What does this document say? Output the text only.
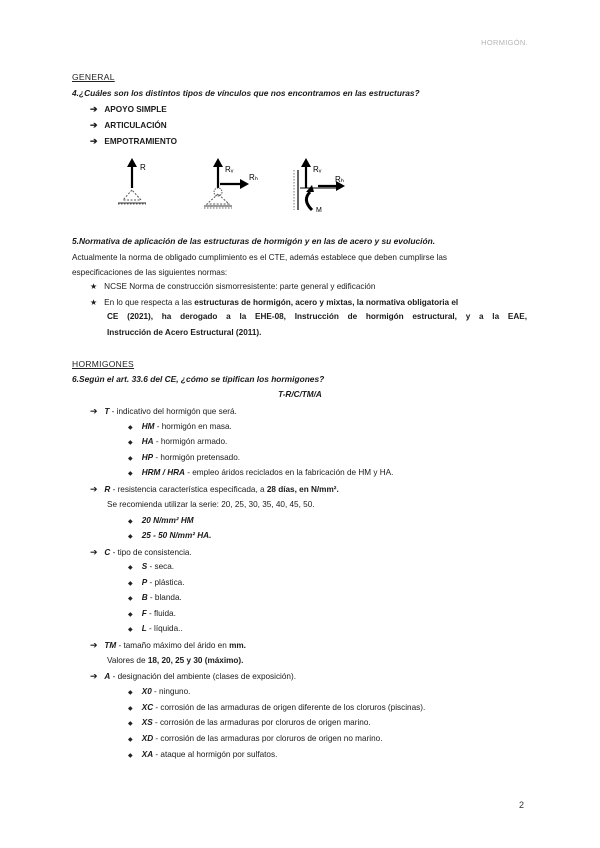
HORMIGÓN.
GENERAL
4.¿Cuáles son los distintos tipos de vínculos que nos encontramos en las estructuras?
➔ APOYO SIMPLE
➔ ARTICULACIÓN
➔ EMPOTRAMIENTO
R	Rᵥ
Rₕ
Rᵥ
Rₕ
M
5.Normativa de aplicación de las estructuras de hormigón y en las de acero y su evolución.
Actualmente la norma de obligado cumplimiento es el CTE, además establece que deben cumplirse las
especificaciones de las siguientes normas:
★ NCSE Norma de construcción sismorresistente: parte general y edificación
★ En lo que respecta a las estructuras de hormigón, acero y mixtas, la normativa obligatoria el
CE (2021), ha derogado a la EHE-08, Instrucción de hormigón estructural, y a la EAE,
Instrucción de Acero Estructural (2011).
HORMIGONES
6.Según el art. 33.6 del CE, ¿cómo se tipifican los hormigones?
T-R/C/TM/A
➔ T - indicativo del hormigón que será.
◆ HM - hormigón en masa.
◆ HA - hormigón armado.
◆ HP - hormigón pretensado.
◆ HRM / HRA - empleo áridos reciclados en la fabricación de HM y HA.
➔ R - resistencia característica especificada, a 28 días, en N/mm².
Se recomienda utilizar la serie: 20, 25, 30, 35, 40, 45, 50.
◆ 20 N/mm² HM
◆ 25 - 50 N/mm² HA.
➔ C - tipo de consistencia.
◆ S - seca.
◆ P - plástica.
◆ B - blanda.
◆ F - fluida.
◆ L - líquida..
➔ TM - tamaño máximo del árido en mm.
Valores de 18, 20, 25 y 30 (máximo).
➔ A - designación del ambiente (clases de exposición).
◆ X0 - ninguno.
◆ XC - corrosión de las armaduras de origen diferente de los cloruros (piscinas).
◆ XS - corrosión de las armaduras por cloruros de origen marino.
◆ XD - corrosión de las armaduras por cloruros de origen no marino.
◆ XA - ataque al hormigón por sulfatos.
2
